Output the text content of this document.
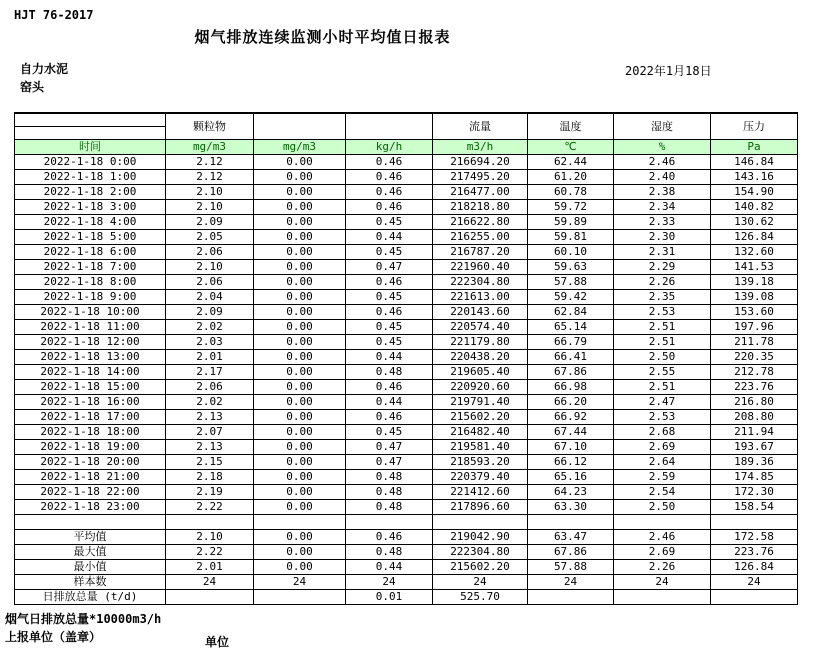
HJT 76-2017
烟气排放连续监测小时平均值日报表
自力水泥
窑头
2022年1月18日
	颗粒物			流量	温度	湿度	压力

时间	mg/m3	mg/m3	kg/h	m3/h	℃	%	Pa
2022-1-18 0:00	2.12	0.00	0.46	216694.20	62.44	2.46	146.84
2022-1-18 1:00	2.12	0.00	0.46	217495.20	61.20	2.40	143.16
2022-1-18 2:00	2.10	0.00	0.46	216477.00	60.78	2.38	154.90
2022-1-18 3:00	2.10	0.00	0.46	218218.80	59.72	2.34	140.82
2022-1-18 4:00	2.09	0.00	0.45	216622.80	59.89	2.33	130.62
2022-1-18 5:00	2.05	0.00	0.44	216255.00	59.81	2.30	126.84
2022-1-18 6:00	2.06	0.00	0.45	216787.20	60.10	2.31	132.60
2022-1-18 7:00	2.10	0.00	0.47	221960.40	59.63	2.29	141.53
2022-1-18 8:00	2.06	0.00	0.46	222304.80	57.88	2.26	139.18
2022-1-18 9:00	2.04	0.00	0.45	221613.00	59.42	2.35	139.08
2022-1-18 10:00	2.09	0.00	0.46	220143.60	62.84	2.53	153.60
2022-1-18 11:00	2.02	0.00	0.45	220574.40	65.14	2.51	197.96
2022-1-18 12:00	2.03	0.00	0.45	221179.80	66.79	2.51	211.78
2022-1-18 13:00	2.01	0.00	0.44	220438.20	66.41	2.50	220.35
2022-1-18 14:00	2.17	0.00	0.48	219605.40	67.86	2.55	212.78
2022-1-18 15:00	2.06	0.00	0.46	220920.60	66.98	2.51	223.76
2022-1-18 16:00	2.02	0.00	0.44	219791.40	66.20	2.47	216.80
2022-1-18 17:00	2.13	0.00	0.46	215602.20	66.92	2.53	208.80
2022-1-18 18:00	2.07	0.00	0.45	216482.40	67.44	2.68	211.94
2022-1-18 19:00	2.13	0.00	0.47	219581.40	67.10	2.69	193.67
2022-1-18 20:00	2.15	0.00	0.47	218593.20	66.12	2.64	189.36
2022-1-18 21:00	2.18	0.00	0.48	220379.40	65.16	2.59	174.85
2022-1-18 22:00	2.19	0.00	0.48	221412.60	64.23	2.54	172.30
2022-1-18 23:00	2.22	0.00	0.48	217896.60	63.30	2.50	158.54

平均值	2.10	0.00	0.46	219042.90	63.47	2.46	172.58
最大值	2.22	0.00	0.48	222304.80	67.86	2.69	223.76
最小值	2.01	0.00	0.44	215602.20	57.88	2.26	126.84
样本数	24	24	24	24	24	24	24
日排放总量 (t/d)			0.01	525.70			
烟气日排放总量*10000m3/h
上报单位（盖章）	单位
